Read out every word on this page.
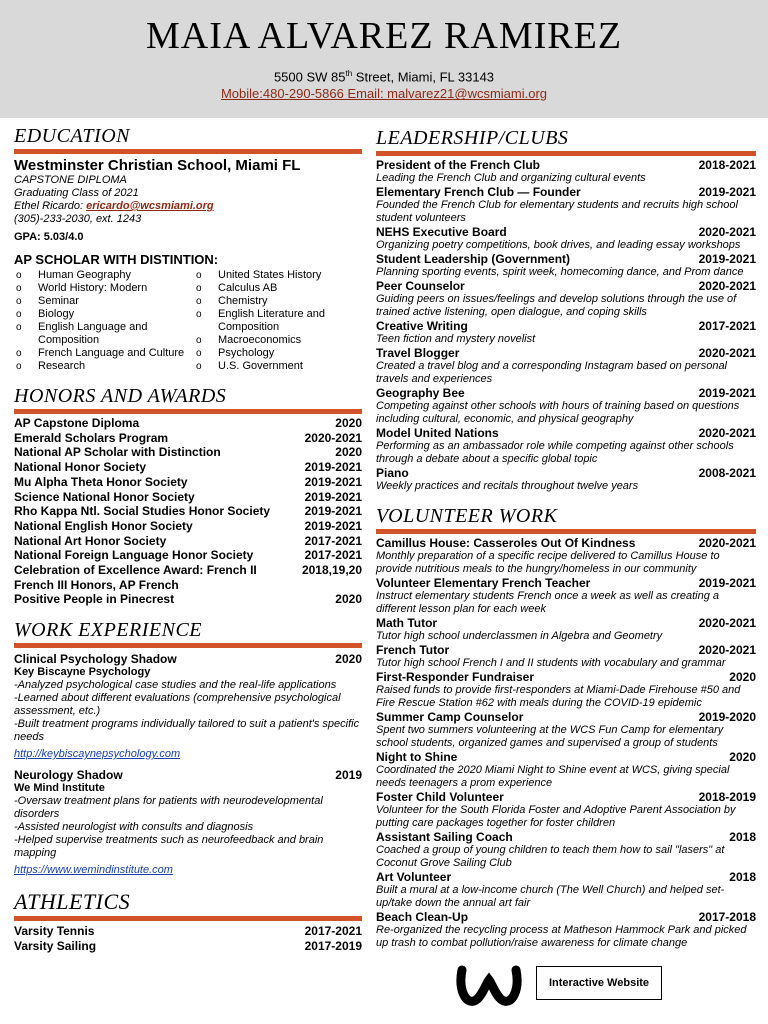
MAIA ALVAREZ RAMIREZ
5500 SW 85th Street, Miami, FL 33143
Mobile:480-290-5866 Email: malvarez21@wcsmiami.org
EDUCATION
Westminster Christian School, Miami FL
CAPSTONE DIPLOMA
Graduating Class of 2021
Ethel Ricardo: ericardo@wcsmiami.org
(305)-233-2030, ext. 1243
GPA: 5.03/4.0
AP SCHOLAR WITH DISTINTION:
o Human Geography
o World History: Modern
o Seminar
o Biology
o English Language and Composition
o French Language and Culture
o Research
o United States History
o Calculus AB
o Chemistry
o English Literature and Composition
o Macroeconomics
o Psychology
o U.S. Government
HONORS AND AWARDS
AP Capstone Diploma	2020
Emerald Scholars Program	2020-2021
National AP Scholar with Distinction	2020
National Honor Society	2019-2021
Mu Alpha Theta Honor Society	2019-2021
Science National Honor Society	2019-2021
Rho Kappa Ntl. Social Studies Honor Society	2019-2021
National English Honor Society	2019-2021
National Art Honor Society	2017-2021
National Foreign Language Honor Society	2017-2021
Celebration of Excellence Award: French II	2018,19,20
French III Honors, AP French
Positive People in Pinecrest	2020
WORK EXPERIENCE
Clinical Psychology Shadow	2020
Key Biscayne Psychology
-Analyzed psychological case studies and the real-life applications
-Learned about different evaluations (comprehensive psychological assessment, etc.)
-Built treatment programs individually tailored to suit a patient's specific needs
http://keybiscaynepsychology.com
Neurology Shadow	2019
We Mind Institute
-Oversaw treatment plans for patients with neurodevelopmental disorders
-Assisted neurologist with consults and diagnosis
-Helped supervise treatments such as neurofeedback and brain mapping
https://www.wemindinstitute.com
ATHLETICS
Varsity Tennis	2017-2021
Varsity Sailing	2017-2019
LEADERSHIP/CLUBS
President of the French Club	2018-2021
Leading the French Club and organizing cultural events
Elementary French Club — Founder	2019-2021
Founded the French Club for elementary students and recruits high school student volunteers
NEHS Executive Board	2020-2021
Organizing poetry competitions, book drives, and leading essay workshops
Student Leadership (Government)	2019-2021
Planning sporting events, spirit week, homecoming dance, and Prom dance
Peer Counselor	2020-2021
Guiding peers on issues/feelings and develop solutions through the use of trained active listening, open dialogue, and coping skills
Creative Writing	2017-2021
Teen fiction and mystery novelist
Travel Blogger	2020-2021
Created a travel blog and a corresponding Instagram based on personal travels and experiences
Geography Bee	2019-2021
Competing against other schools with hours of training based on questions including cultural, economic, and physical geography
Model United Nations	2020-2021
Performing as an ambassador role while competing against other schools through a debate about a specific global topic
Piano	2008-2021
Weekly practices and recitals throughout twelve years
VOLUNTEER WORK
Camillus House: Casseroles Out Of Kindness	2020-2021
Monthly preparation of a specific recipe delivered to Camillus House to provide nutritious meals to the hungry/homeless in our community
Volunteer Elementary French Teacher	2019-2021
Instruct elementary students French once a week as well as creating a different lesson plan for each week
Math Tutor	2020-2021
Tutor high school underclassmen in Algebra and Geometry
French Tutor	2020-2021
Tutor high school French I and II students with vocabulary and grammar
First-Responder Fundraiser	2020
Raised funds to provide first-responders at Miami-Dade Firehouse #50 and Fire Rescue Station #62 with meals during the COVID-19 epidemic
Summer Camp Counselor	2019-2020
Spent two summers volunteering at the WCS Fun Camp for elementary school students, organized games and supervised a group of students
Night to Shine	2020
Coordinated the 2020 Miami Night to Shine event at WCS, giving special needs teenagers a prom experience
Foster Child Volunteer	2018-2019
Volunteer for the South Florida Foster and Adoptive Parent Association by putting care packages together for foster children
Assistant Sailing Coach	2018
Coached a group of young children to teach them how to sail "lasers" at Coconut Grove Sailing Club
Art Volunteer	2018
Built a mural at a low-income church (The Well Church) and helped set-up/take down the annual art fair
Beach Clean-Up	2017-2018
Re-organized the recycling process at Matheson Hammock Park and picked up trash to combat pollution/raise awareness for climate change
Interactive Website
